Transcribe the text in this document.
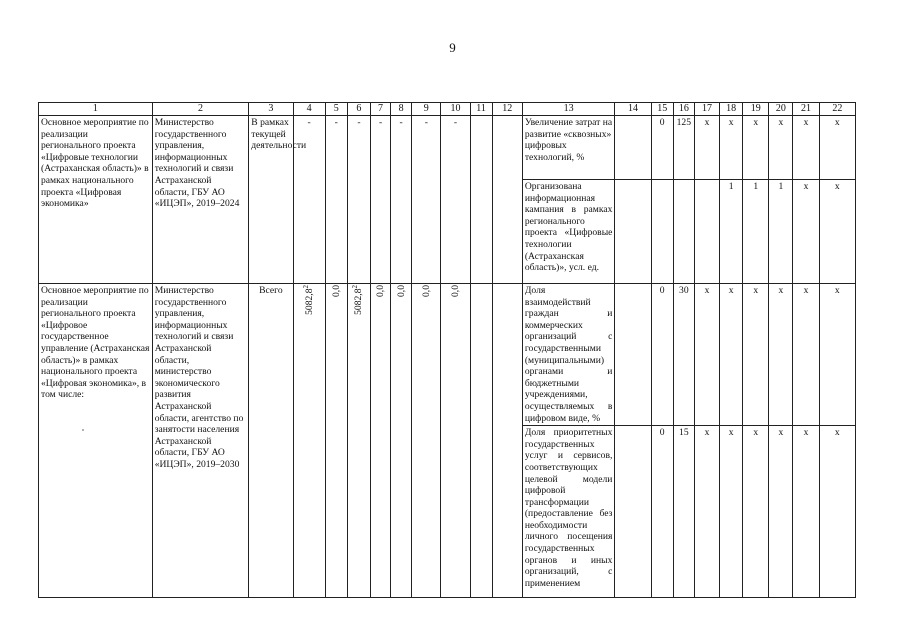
9
1	2	3	4	5	6	7	8	9	10	11	12	13	14	15	16	17	18	19	20	21	22
Основное мероприятие по реализации регионального проекта «Цифровые технологии (Астраханская область)» в рамках национального проекта «Цифровая экономика»	Министерство государственного управления, информационных технологий и связи Астраханской области, ГБУ АО «ИЦЭП», 2019–2024	В рамках текущей деятельности	-	-	-	-	-	-	-			Увеличение затрат на развитие «сквозных» цифровых технологий, %		0	125	x	x	x	x	x	x
												Организована информационная кампания в рамках регионального проекта «Цифровые технологии (Астраханская область)», усл. ед.					1	1	1	x	x
Основное мероприятие по реализации регионального проекта «Цифровое государственное управление (Астраханская область)» в рамках национального проекта «Цифровая экономика», в том числе:	Министерство государственного управления, информационных технологий и связи Астраханской области, министерство экономического развития Астраханской области, агентство по занятости населения Астраханской области, ГБУ АО «ИЦЭП», 2019–2030	Всего	5082,8$^2$	0,0	5082,8$^2$	0,0	0,0	0,0	0,0			Доля взаимодействий граждан и коммерческих организаций с государственными (муниципальными) органами и бюджетными учреждениями, осуществляемых в цифровом виде, %		0	30	x	x	x	x	x	x
												Доля приоритетных государственных услуг и сервисов, соответствующих целевой модели цифровой трансформации (предоставление без необходимости личного посещения государственных органов и иных организаций, с применением		0	15	x	x	x	x	x	x
